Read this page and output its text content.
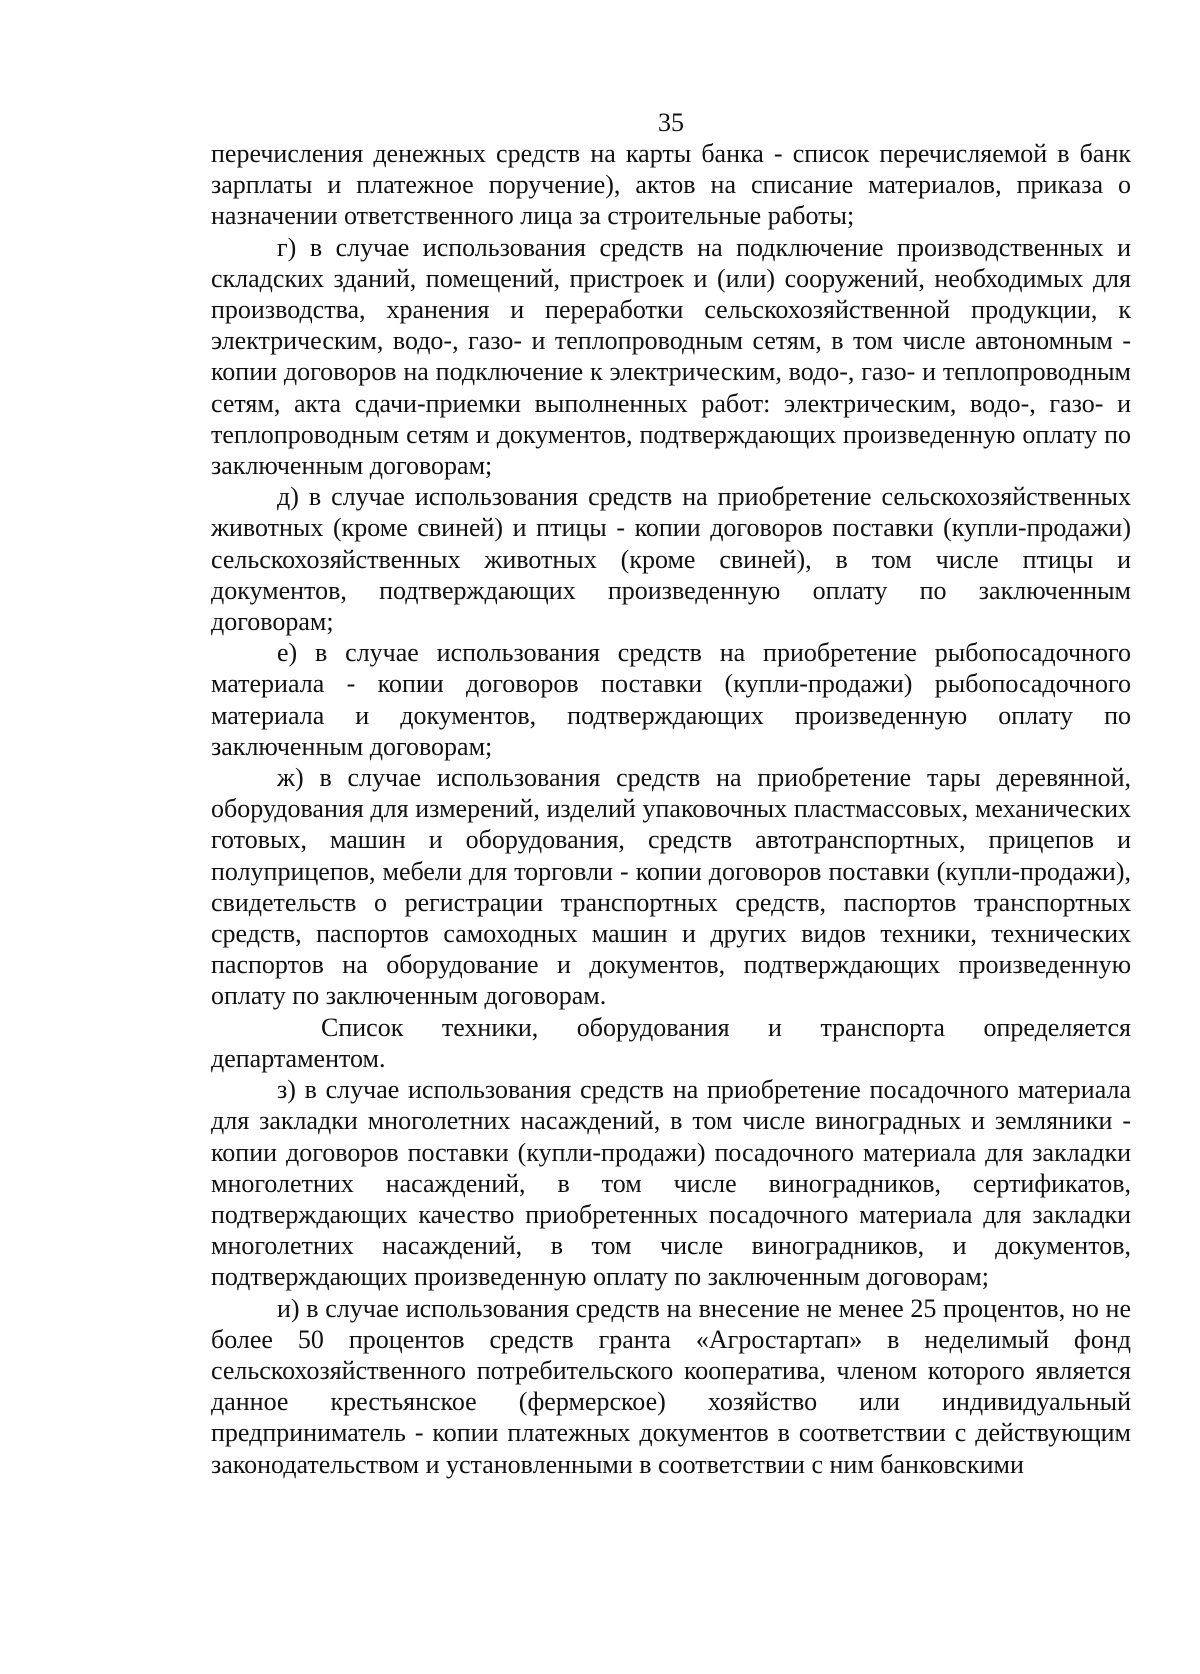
35

перечисления денежных средств на карты банка - список перечисляемой в банк зарплаты и платежное поручение), актов на списание материалов, приказа о назначении ответственного лица за строительные работы;

г) в случае использования средств на подключение производственных и складских зданий, помещений, пристроек и (или) сооружений, необходимых для производства, хранения и переработки сельскохозяйственной продукции, к электрическим, водо-, газо- и теплопроводным сетям, в том числе автономным - копии договоров на подключение к электрическим, водо-, газо- и теплопроводным сетям, акта сдачи-приемки выполненных работ: электрическим, водо-, газо- и теплопроводным сетям и документов, подтверждающих произведенную оплату по заключенным договорам;

д) в случае использования средств на приобретение сельскохозяйственных животных (кроме свиней) и птицы - копии договоров поставки (купли-продажи) сельскохозяйственных животных (кроме свиней), в том числе птицы и документов, подтверждающих произведенную оплату по заключенным договорам;

е) в случае использования средств на приобретение рыбопосадочного материала - копии договоров поставки (купли-продажи) рыбопосадочного материала и документов, подтверждающих произведенную оплату по заключенным договорам;

ж) в случае использования средств на приобретение тары деревянной, оборудования для измерений, изделий упаковочных пластмассовых, механических готовых, машин и оборудования, средств автотранспортных, прицепов и полуприцепов, мебели для торговли - копии договоров поставки (купли-продажи), свидетельств о регистрации транспортных средств, паспортов транспортных средств, паспортов самоходных машин и других видов техники, технических паспортов на оборудование и документов, подтверждающих произведенную оплату по заключенным договорам.

Список техники, оборудования и транспорта определяется департаментом.

з) в случае использования средств на приобретение посадочного материала для закладки многолетних насаждений, в том числе виноградных и земляники - копии договоров поставки (купли-продажи) посадочного материала для закладки многолетних насаждений, в том числе виноградников, сертификатов, подтверждающих качество приобретенных посадочного материала для закладки многолетних насаждений, в том числе виноградников, и документов, подтверждающих произведенную оплату по заключенным договорам;

и) в случае использования средств на внесение не менее 25 процентов, но не более 50 процентов средств гранта «Агростартап» в неделимый фонд сельскохозяйственного потребительского кооператива, членом которого является данное крестьянское (фермерское) хозяйство или индивидуальный предприниматель - копии платежных документов в соответствии с действующим законодательством и установленными в соответствии с ним банковскими
